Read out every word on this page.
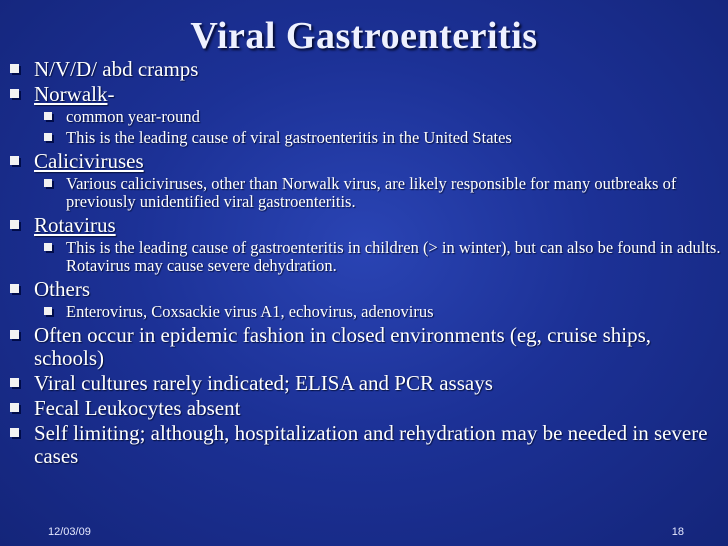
Viral Gastroenteritis
N/V/D/ abd cramps
Norwalk-
common year-round
This is the leading cause of viral gastroenteritis in the United States
Caliciviruses
Various caliciviruses, other than Norwalk virus, are likely responsible for many outbreaks of previously unidentified viral gastroenteritis.
Rotavirus
This is the leading cause of gastroenteritis in children (> in winter), but can also be found in adults. Rotavirus may cause severe dehydration.
Others
Enterovirus, Coxsackie virus A1, echovirus, adenovirus
Often occur in epidemic fashion in closed environments (eg, cruise ships, schools)
Viral cultures rarely indicated; ELISA and PCR assays
Fecal Leukocytes absent
Self limiting; although, hospitalization and rehydration may be needed in severe cases
12/03/09	18
